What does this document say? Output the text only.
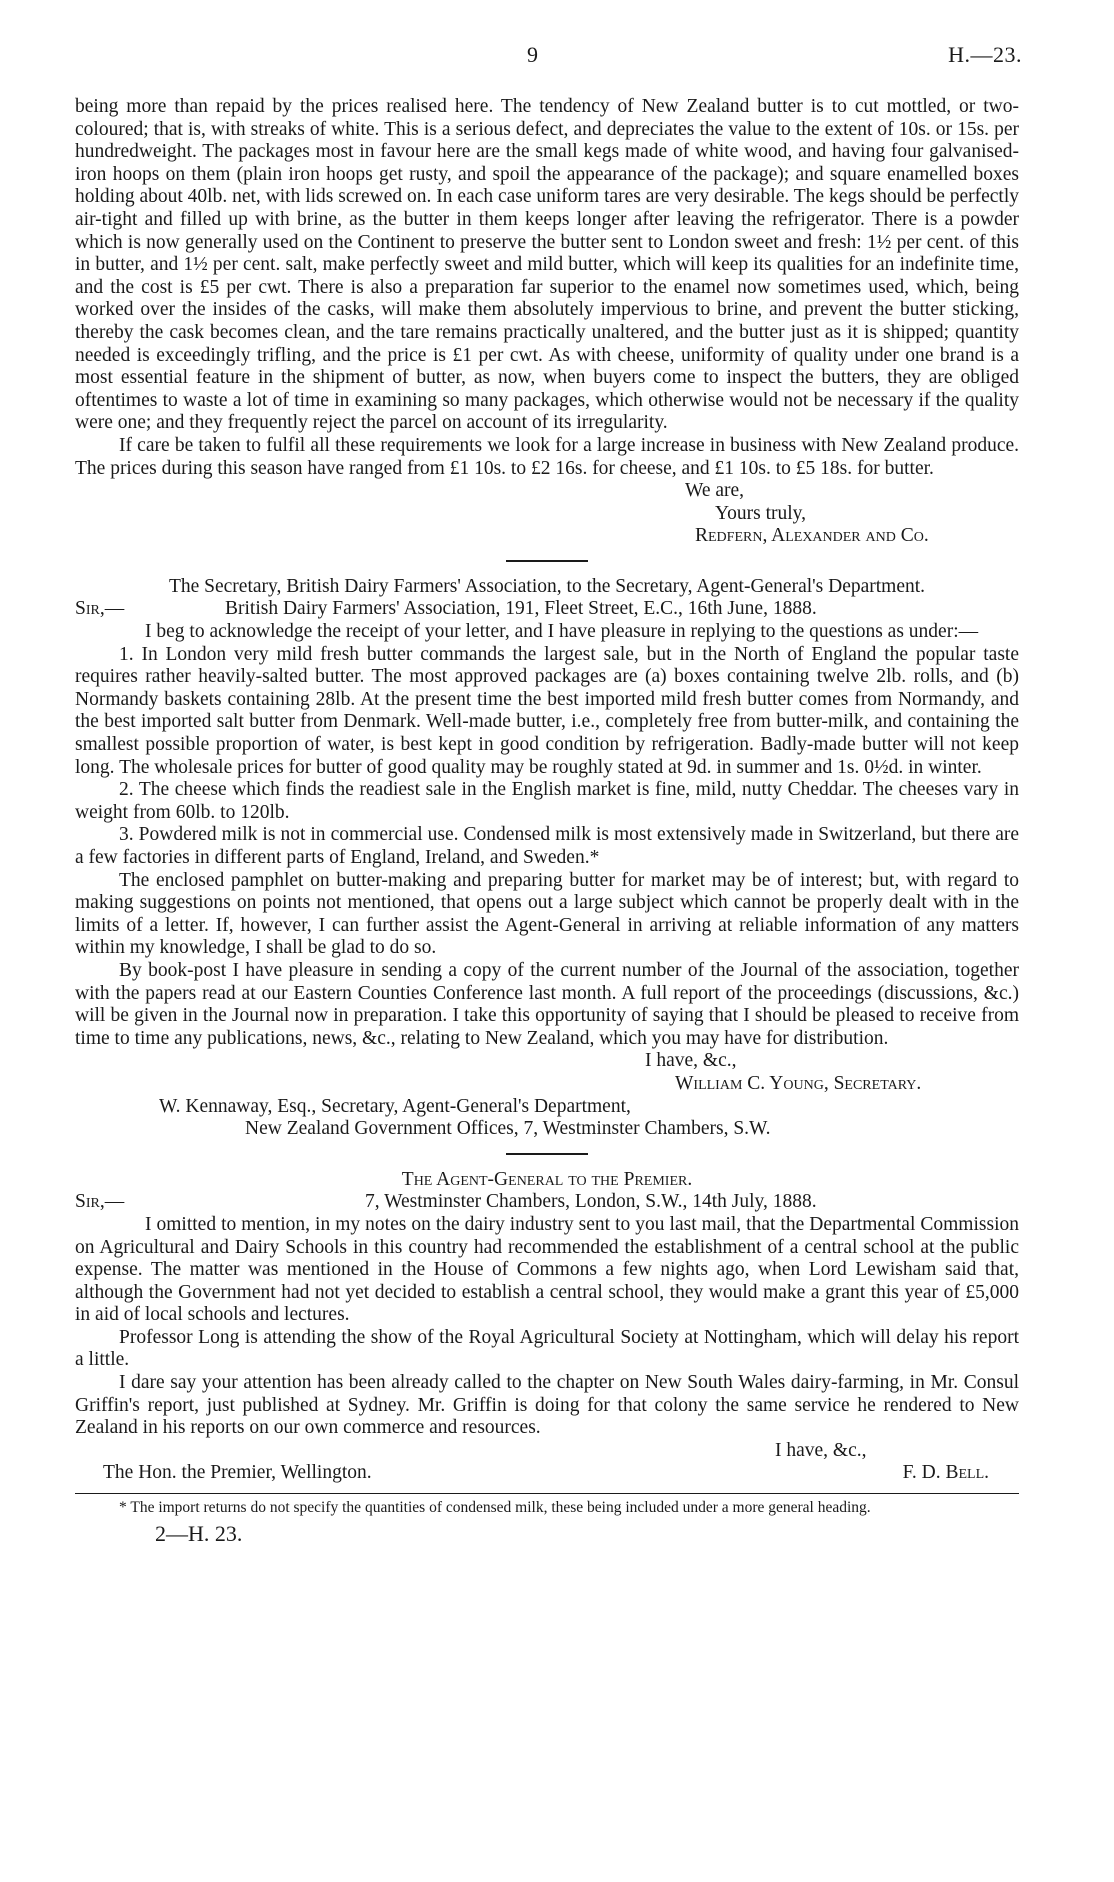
9	H.—23.

being more than repaid by the prices realised here. The tendency of New Zealand butter is to cut mottled, or two-coloured; that is, with streaks of white. This is a serious defect, and depreciates the value to the extent of 10s. or 15s. per hundredweight. The packages most in favour here are the small kegs made of white wood, and having four galvanised-iron hoops on them (plain iron hoops get rusty, and spoil the appearance of the package); and square enamelled boxes holding about 40lb. net, with lids screwed on. In each case uniform tares are very desirable. The kegs should be perfectly air-tight and filled up with brine, as the butter in them keeps longer after leaving the refrigerator. There is a powder which is now generally used on the Continent to preserve the butter sent to London sweet and fresh: 1½ per cent. of this in butter, and 1½ per cent. salt, make perfectly sweet and mild butter, which will keep its qualities for an indefinite time, and the cost is £5 per cwt. There is also a preparation far superior to the enamel now sometimes used, which, being worked over the insides of the casks, will make them absolutely impervious to brine, and prevent the butter sticking, thereby the cask becomes clean, and the tare remains practically unaltered, and the butter just as it is shipped; quantity needed is exceedingly trifling, and the price is £1 per cwt. As with cheese, uniformity of quality under one brand is a most essential feature in the shipment of butter, as now, when buyers come to inspect the butters, they are obliged oftentimes to waste a lot of time in examining so many packages, which otherwise would not be necessary if the quality were one; and they frequently reject the parcel on account of its irregularity.

If care be taken to fulfil all these requirements we look for a large increase in business with New Zealand produce. The prices during this season have ranged from £1 10s. to £2 16s. for cheese, and £1 10s. to £5 18s. for butter.

We are,

Yours truly,

Redfern, Alexander and Co.

The Secretary, British Dairy Farmers' Association, to the Secretary, Agent-General's Department.

Sir,—	British Dairy Farmers' Association, 191, Fleet Street, E.C., 16th June, 1888.

I beg to acknowledge the receipt of your letter, and I have pleasure in replying to the questions as under:—

1. In London very mild fresh butter commands the largest sale, but in the North of England the popular taste requires rather heavily-salted butter. The most approved packages are (a) boxes containing twelve 2lb. rolls, and (b) Normandy baskets containing 28lb. At the present time the best imported mild fresh butter comes from Normandy, and the best imported salt butter from Denmark. Well-made butter, i.e., completely free from butter-milk, and containing the smallest possible proportion of water, is best kept in good condition by refrigeration. Badly-made butter will not keep long. The wholesale prices for butter of good quality may be roughly stated at 9d. in summer and 1s. 0½d. in winter.

2. The cheese which finds the readiest sale in the English market is fine, mild, nutty Cheddar. The cheeses vary in weight from 60lb. to 120lb.

3. Powdered milk is not in commercial use. Condensed milk is most extensively made in Switzerland, but there are a few factories in different parts of England, Ireland, and Sweden.*

The enclosed pamphlet on butter-making and preparing butter for market may be of interest; but, with regard to making suggestions on points not mentioned, that opens out a large subject which cannot be properly dealt with in the limits of a letter. If, however, I can further assist the Agent-General in arriving at reliable information of any matters within my knowledge, I shall be glad to do so.

By book-post I have pleasure in sending a copy of the current number of the Journal of the association, together with the papers read at our Eastern Counties Conference last month. A full report of the proceedings (discussions, &c.) will be given in the Journal now in preparation. I take this opportunity of saying that I should be pleased to receive from time to time any publications, news, &c., relating to New Zealand, which you may have for distribution.

I have, &c.,

William C. Young, Secretary.

W. Kennaway, Esq., Secretary, Agent-General's Department,

New Zealand Government Offices, 7, Westminster Chambers, S.W.

The Agent-General to the Premier.

Sir,—	7, Westminster Chambers, London, S.W., 14th July, 1888.

I omitted to mention, in my notes on the dairy industry sent to you last mail, that the Departmental Commission on Agricultural and Dairy Schools in this country had recommended the establishment of a central school at the public expense. The matter was mentioned in the House of Commons a few nights ago, when Lord Lewisham said that, although the Government had not yet decided to establish a central school, they would make a grant this year of £5,000 in aid of local schools and lectures.

Professor Long is attending the show of the Royal Agricultural Society at Nottingham, which will delay his report a little.

I dare say your attention has been already called to the chapter on New South Wales dairy-farming, in Mr. Consul Griffin's report, just published at Sydney. Mr. Griffin is doing for that colony the same service he rendered to New Zealand in his reports on our own commerce and resources.

I have, &c.,

The Hon. the Premier, Wellington.	F. D. Bell.

* The import returns do not specify the quantities of condensed milk, these being included under a more general heading.

2—H. 23.
